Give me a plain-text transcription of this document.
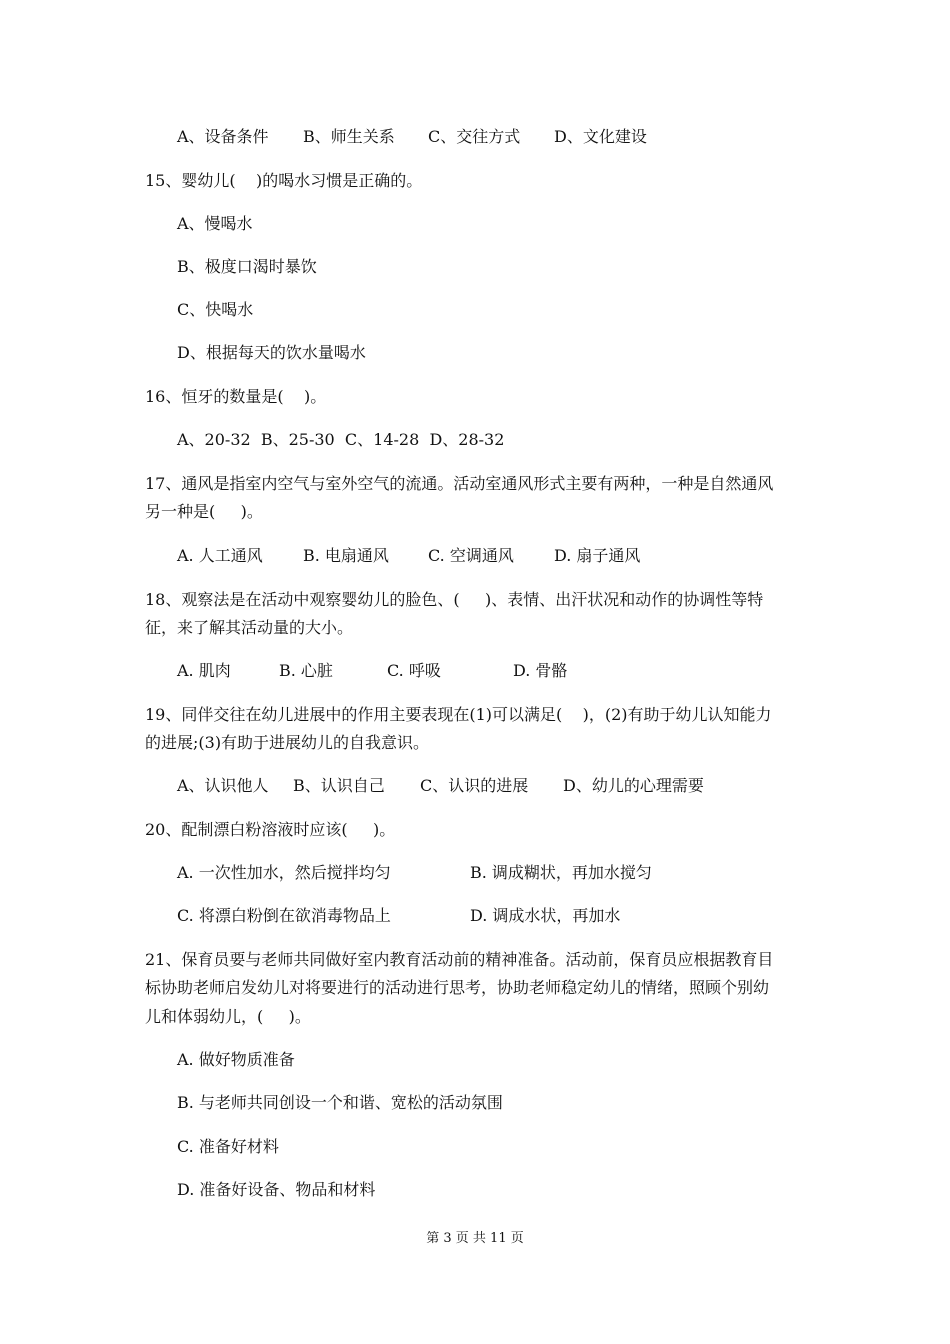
A、设备条件 B、师生关系 C、交往方式 D、文化建设
15、婴幼儿(    )的喝水习惯是正确的。
A、慢喝水
B、极度口渴时暴饮
C、快喝水
D、根据每天的饮水量喝水
16、恒牙的数量是(    )。
A、20-32  B、25-30  C、14-28  D、28-32
17、通风是指室内空气与室外空气的流通。活动室通风形式主要有两种，一种是自然通风
另一种是(     )。
A. 人工通风	B. 电扇通风 C. 空调通风	D. 扇子通风
18、观察法是在活动中观察婴幼儿的脸色、(     )、表情、出汗状况和动作的协调性等特
征，来了解其活动量的大小。
A. 肌肉	B. 心脏	C. 呼吸	D. 骨骼
19、同伴交往在幼儿进展中的作用主要表现在(1)可以满足(    )，(2)有助于幼儿认知能力
的进展;(3)有助于进展幼儿的自我意识。
A、认识他人 B、认识自己 C、认识的进展 D、幼儿的心理需要
20、配制漂白粉溶液时应该(     )。
A. 一次性加水，然后搅拌均匀	B. 调成糊状，再加水搅匀
C. 将漂白粉倒在欲消毒物品上	D. 调成水状，再加水
21、保育员要与老师共同做好室内教育活动前的精神准备。活动前，保育员应根据教育目
标协助老师启发幼儿对将要进行的活动进行思考，协助老师稳定幼儿的情绪，照顾个别幼
儿和体弱幼儿，(     )。
A. 做好物质准备
B. 与老师共同创设一个和谐、宽松的活动氛围
C. 准备好材料
D. 准备好设备、物品和材料
第 3 页 共 11 页
